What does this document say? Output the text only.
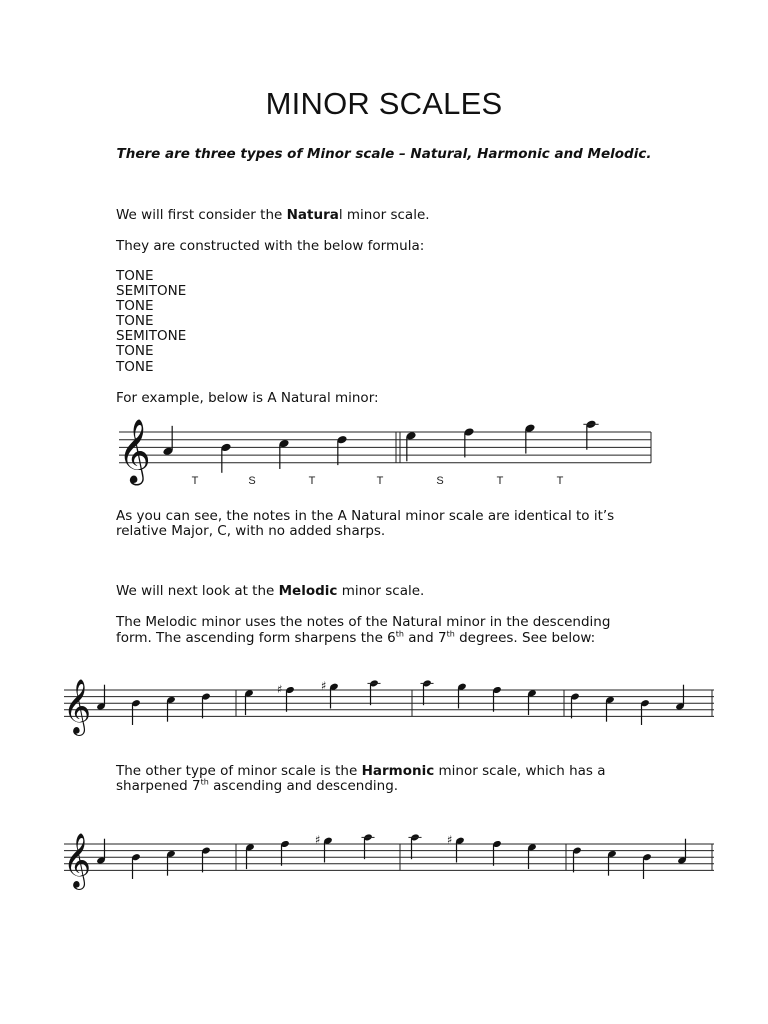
MINOR SCALES
There are three types of Minor scale – Natural, Harmonic and Melodic.
We will first consider the Natural minor scale.
They are constructed with the below formula:
TONE
SEMITONE
TONE
TONE
SEMITONE
TONE
TONE
For example, below is A Natural minor:
As you can see, the notes in the A Natural minor scale are identical to it’s
relative Major, C, with no added sharps.
We will next look at the Melodic minor scale.
The Melodic minor uses the notes of the Natural minor in the descending
form. The ascending form sharpens the 6th and 7th degrees. See below:
The other type of minor scale is the Harmonic minor scale, which has a
sharpened 7th ascending and descending.
𝄞	T	S	T	T	S	T	T
𝄞	♯	♯
𝄞	♯	♯
